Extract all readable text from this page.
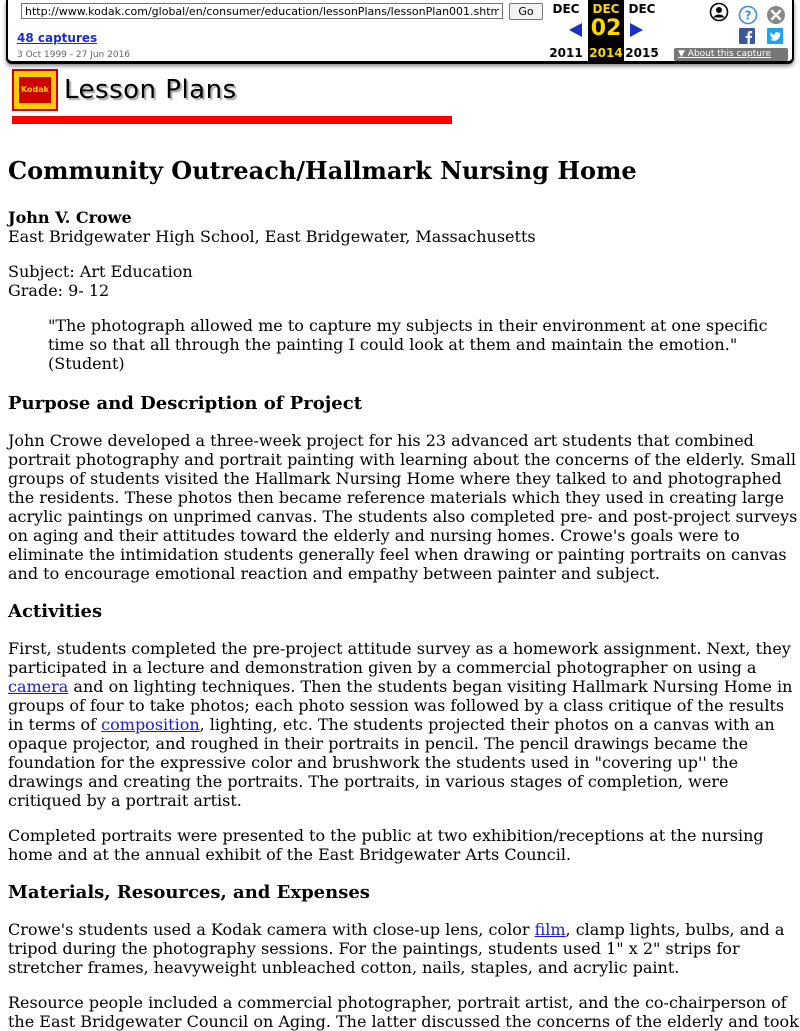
http://www.kodak.com/global/en/consumer/education/lessonPlans/lessonPlan001.shtml
Go
48 captures
3 Oct 1999 - 27 Jun 2016
DEC
2011
DEC
02
2014
DEC
2015
?
▼ About this capture
Kodak Lesson Plans
Community Outreach/Hallmark Nursing Home

John V. Crowe

East Bridgewater High School, East Bridgewater, Massachusetts

Subject: Art Education

Grade: 9- 12

"The photograph allowed me to capture my subjects in their environment at one specific time so that all through the painting I could look at them and maintain the emotion." (Student)

Purpose and Description of Project

John Crowe developed a three-week project for his 23 advanced art students that combined portrait photography and portrait painting with learning about the concerns of the elderly. Small groups of students visited the Hallmark Nursing Home where they talked to and photographed the residents. These photos then became reference materials which they used in creating large acrylic paintings on unprimed canvas. The students also completed pre- and post-project surveys on aging and their attitudes toward the elderly and nursing homes. Crowe's goals were to eliminate the intimidation students generally feel when drawing or painting portraits on canvas and to encourage emotional reaction and empathy between painter and subject.

Activities

First, students completed the pre-project attitude survey as a homework assignment. Next, they participated in a lecture and demonstration given by a commercial photographer on using a
camera and on lighting techniques. Then the students began visiting Hallmark Nursing Home in groups of four to take photos; each photo session was followed by a class critique of the results in terms of composition, lighting, etc. The students projected their photos on a canvas with an opaque projector, and roughed in their portraits in pencil. The pencil drawings became the foundation for the expressive color and brushwork the students used in "covering up'' the drawings and creating the portraits. The portraits, in various stages of completion, were critiqued by a portrait artist.

Completed portraits were presented to the public at two exhibition/receptions at the nursing home and at the annual exhibit of the East Bridgewater Arts Council.

Materials, Resources, and Expenses

Crowe's students used a Kodak camera with close-up lens, color film, clamp lights, bulbs, and a tripod during the photography sessions. For the paintings, students used 1" x 2" strips for stretcher frames, heavyweight unbleached cotton, nails, staples, and acrylic paint.

Resource people included a commercial photographer, portrait artist, and the co-chairperson of the East Bridgewater Council on Aging. The latter discussed the concerns of the elderly and took
